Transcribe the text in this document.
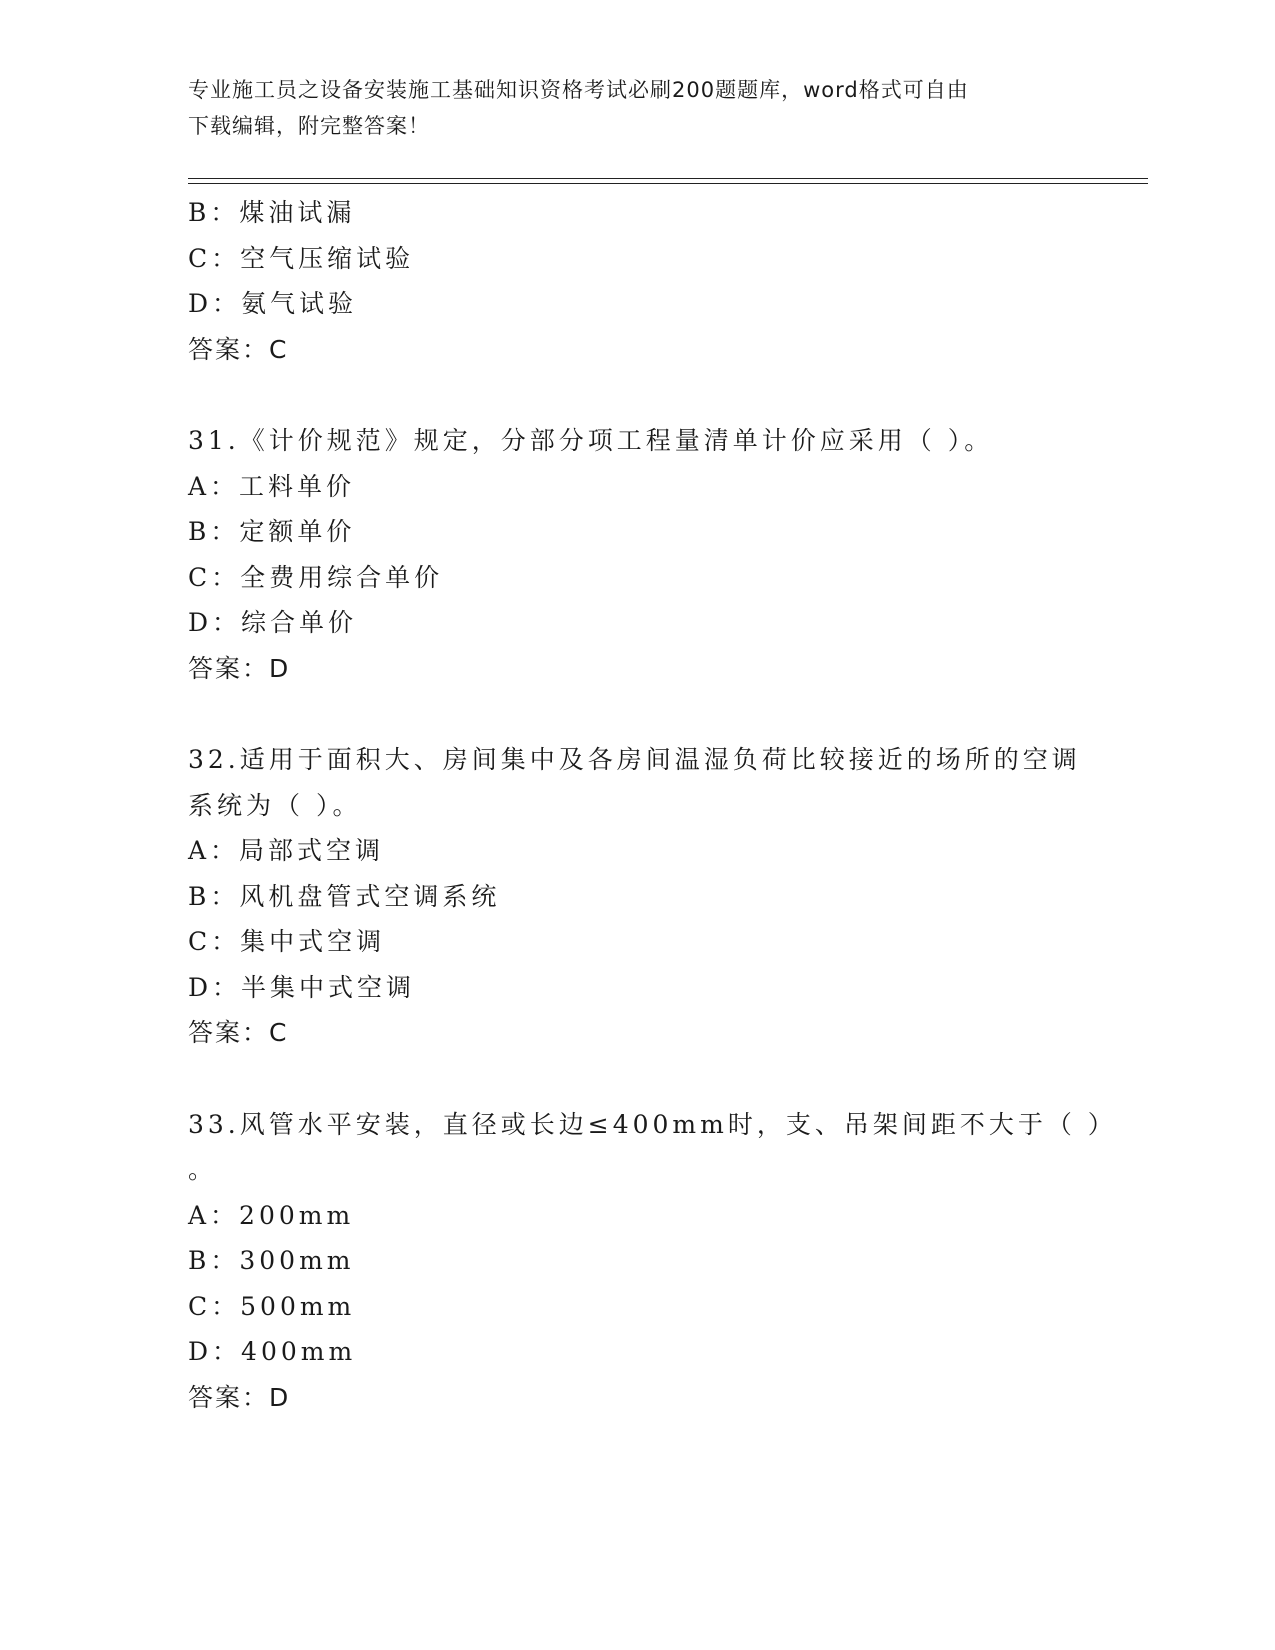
专业施工员之设备安装施工基础知识资格考试必刷200题题库，word格式可自由
下载编辑，附完整答案！
B：煤油试漏
C：空气压缩试验
D：氨气试验
答案：C
31.《计价规范》规定，分部分项工程量清单计价应采用（ ）。
A：工料单价
B：定额单价
C：全费用综合单价
D：综合单价
答案：D
32.适用于面积大、房间集中及各房间温湿负荷比较接近的场所的空调
系统为（ ）。
A：局部式空调
B：风机盘管式空调系统
C：集中式空调
D：半集中式空调
答案：C
33.风管水平安装，直径或长边≤400mm时，支、吊架间距不大于（ ）
。
A：200mm
B：300mm
C：500mm
D：400mm
答案：D
